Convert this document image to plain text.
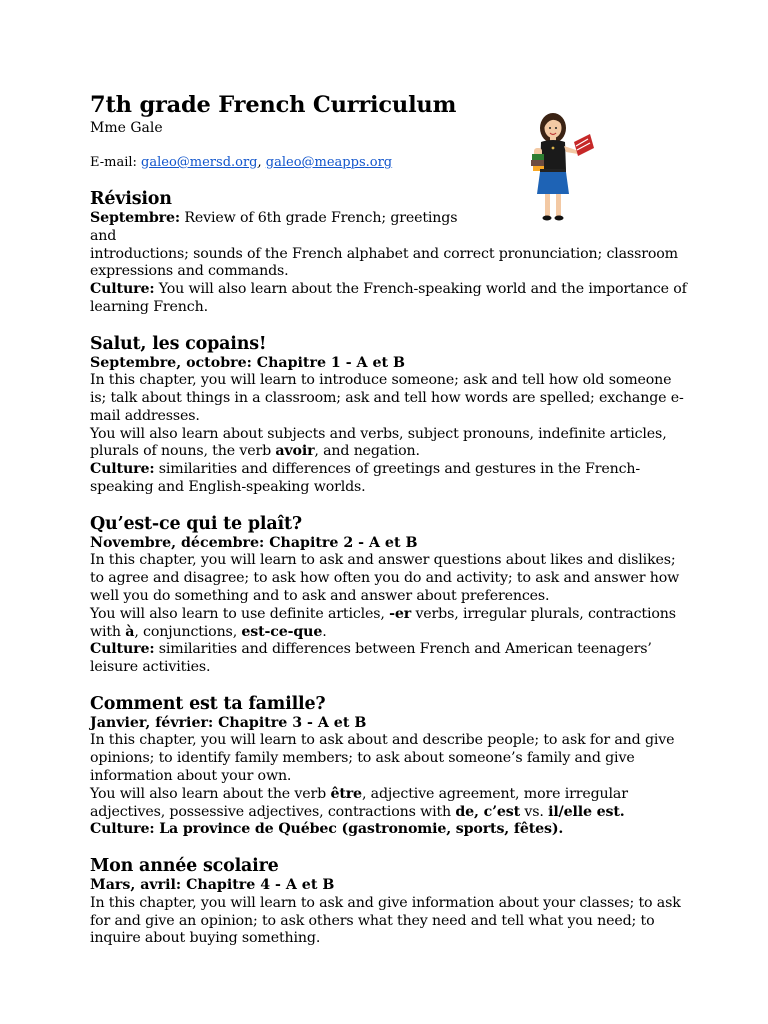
7th grade French Curriculum
Mme Gale
E-mail: galeo@mersd.org, galeo@meapps.org
Révision

Septembre: Review of 6th grade French; greetings and

introductions; sounds of the French alphabet and correct pronunciation; classroom expressions and commands.

Culture: You will also learn about the French-speaking world and the importance of learning French.

Salut, les copains!
Septembre, octobre: Chapitre 1 - A et B

In this chapter, you will learn to introduce someone; ask and tell how old someone is; talk about things in a classroom; ask and tell how words are spelled; exchange e-mail addresses.

You will also learn about subjects and verbs, subject pronouns, indefinite articles, plurals of nouns, the verb avoir, and negation.

Culture: similarities and differences of greetings and gestures in the French-speaking and English-speaking worlds.

Qu’est-ce qui te plaît?
Novembre, décembre: Chapitre 2 - A et B

In this chapter, you will learn to ask and answer questions about likes and dislikes; to agree and disagree; to ask how often you do and activity; to ask and answer how well you do something and to ask and answer about preferences.

You will also learn to use definite articles, -er verbs, irregular plurals, contractions with à, conjunctions, est-ce-que.

Culture: similarities and differences between French and American teenagers’ leisure activities.

Comment est ta famille?
Janvier, février: Chapitre 3 - A et B

In this chapter, you will learn to ask about and describe people; to ask for and give opinions; to identify family members; to ask about someone’s family and give information about your own.

You will also learn about the verb être, adjective agreement, more irregular adjectives, possessive adjectives, contractions with de, c’est vs. il/elle est.

Culture: La province de Québec (gastronomie, sports, fêtes).

Mon année scolaire
Mars, avril: Chapitre 4 - A et B

In this chapter, you will learn to ask and give information about your classes; to ask for and give an opinion; to ask others what they need and tell what you need; to inquire about buying something.
